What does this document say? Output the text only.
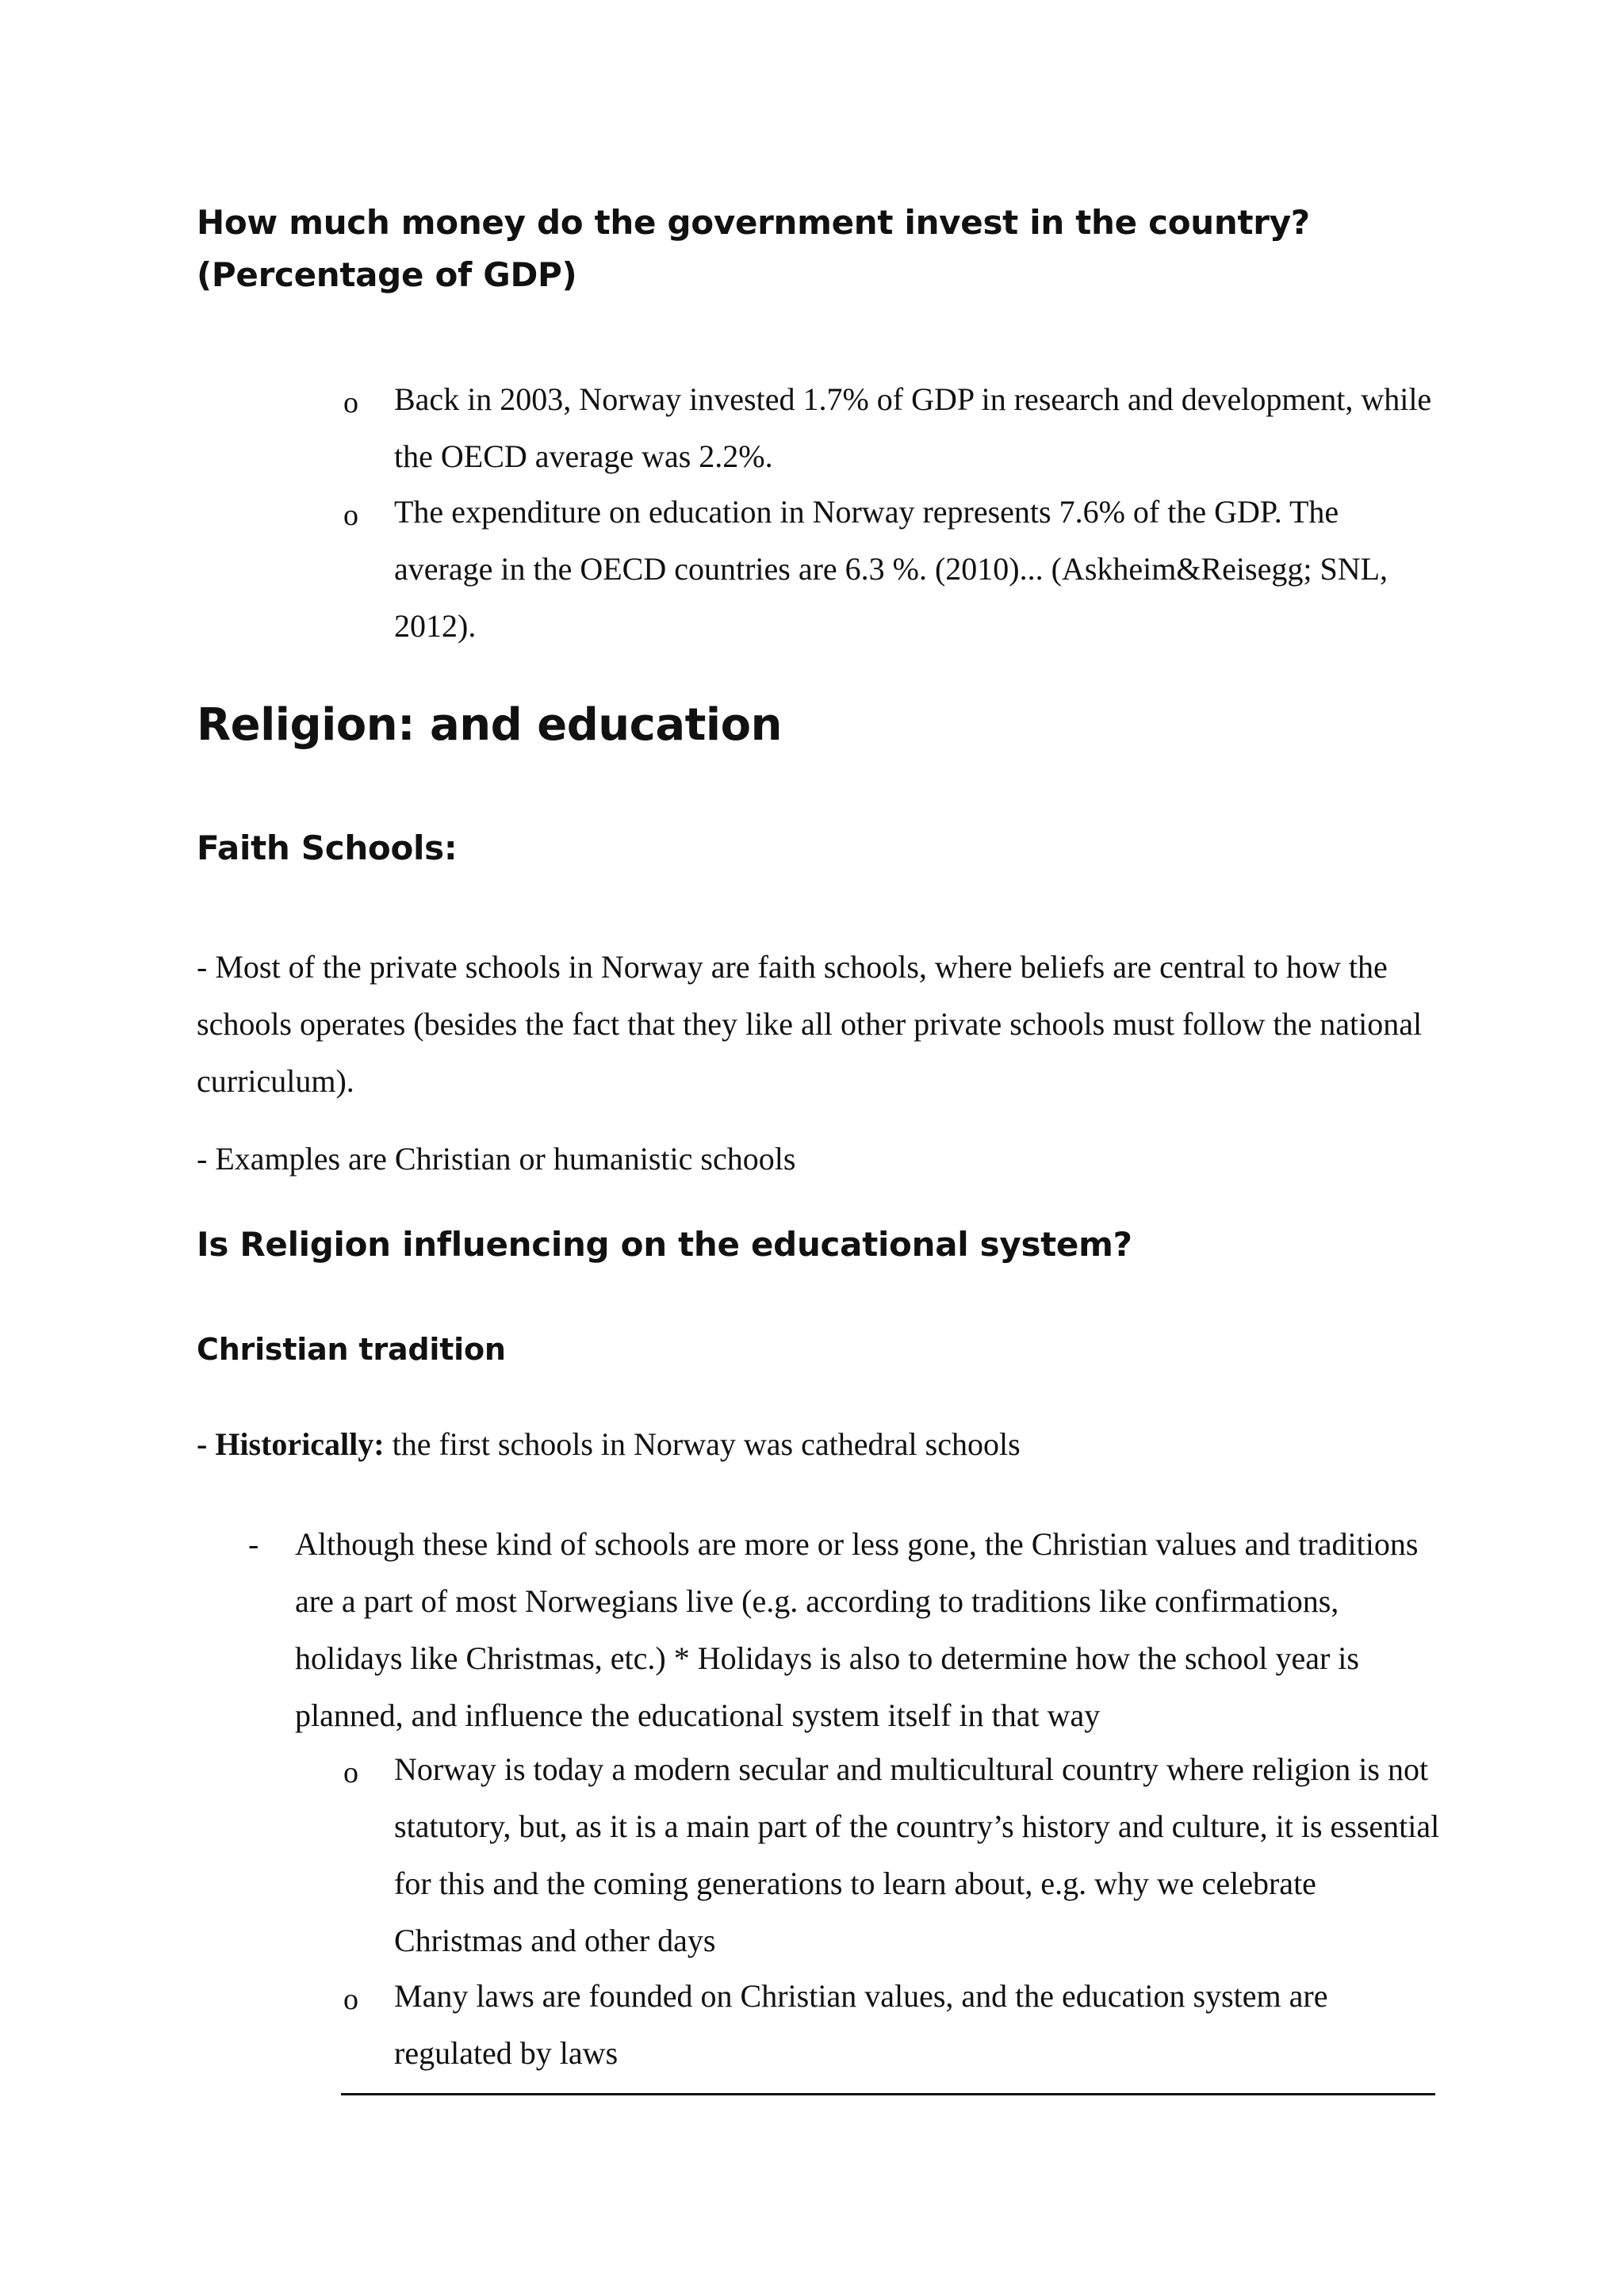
How much money do the government invest in the country? (Percentage of GDP)
o Back in 2003, Norway invested 1.7% of GDP in research and development, while the OECD average was 2.2%.
o The expenditure on education in Norway represents 7.6% of the GDP. The average in the OECD countries are 6.3 %. (2010)... (Askheim&Reisegg; SNL, 2012).
Religion: and education
Faith Schools:
- Most of the private schools in Norway are faith schools, where beliefs are central to how the schools operates (besides the fact that they like all other private schools must follow the national curriculum).
- Examples are Christian or humanistic schools
Is Religion influencing on the educational system?
Christian tradition
- Historically: the first schools in Norway was cathedral schools
- Although these kind of schools are more or less gone, the Christian values and traditions are a part of most Norwegians live (e.g. according to traditions like confirmations, holidays like Christmas, etc.) * Holidays is also to determine how the school year is planned, and influence the educational system itself in that way
o Norway is today a modern secular and multicultural country where religion is not statutory, but, as it is a main part of the country’s history and culture, it is essential for this and the coming generations to learn about, e.g. why we celebrate Christmas and other days
o Many laws are founded on Christian values, and the education system are regulated by laws
